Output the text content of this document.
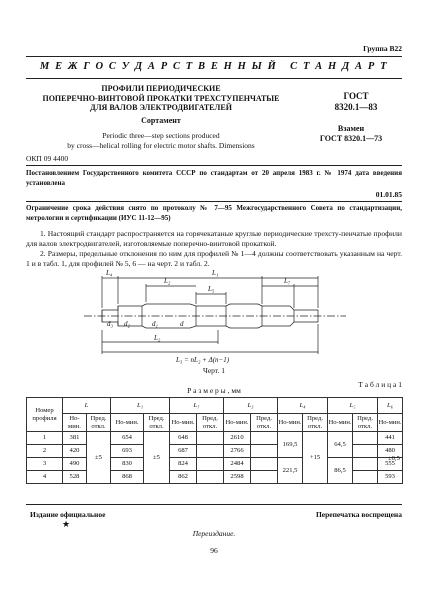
Группа В22
М Е Ж Г О С У Д А Р С Т В Е Н Н Ы Й   С Т А Н Д А Р Т
ПРОФИЛИ ПЕРИОДИЧЕСКИЕ
ПОПЕРЕЧНО-ВИНТОВОЙ ПРОКАТКИ ТРЕХСТУПЕНЧАТЫЕ
ДЛЯ ВАЛОВ ЭЛЕКТРОДВИГАТЕЛЕЙ
Сортамент
Periodic three—step sections produced
by cross—helical rolling for electric motor shafts. Dimensions
ГОСТ
8320.1—83
Взамен
ГОСТ 8320.1—73
ОКП 09 4400
Постановлением Государственного комитета СССР по стандартам от 20 апреля 1983 г. № 1974 дата введения установлена
01.01.85
Ограничение срока действия снято по протоколу № 7—95 Межгосударственного Совета по стандартизации, метрологии и сертификации (ИУС 11-12—95)
1. Настоящий стандарт распространяется на горячекатаные круглые периодические трехсту-пенчатые профили для валов электродвигателей, изготовляемые поперечно-винтовой прокаткой.
2. Размеры, предельные отклонения по ним для профилей № 1—4 должны соответствовать указанным на черт. 1 и в табл. 1, для профилей № 5, 6 — на черт. 2 и табл. 2.
L₄	L₁
L₂	L₇
L₅
L₂
L₃ = nL₂ + Δ(n−1)
d₃ d₂	d₁	d
Черт. 1
Р а з м е р ы , мм
Т а б л и ц а 1
Номер профиля	L		L₁		L₇		L₃		L₄		L₅		L₆
	Но-мин.	Пред. откл.	Но-мин.	Пред. откл.	Но-мин.	Пред. откл.	Но-мин.	Пред. откл.	Но-мин.	Пред. откл.	Но-мин.	Пред. откл.	Но-мин.
1	381	±5	654	±5	648		2610		169,5	+15	64,5		441
2	420		693		687		2766						480
3	490		830		824		2484		221,5		86,5		555
4	528		868		862		2598						593
±0,5
Издание официальное	Перепечатка воспрещена
★
Переиздание.
96
